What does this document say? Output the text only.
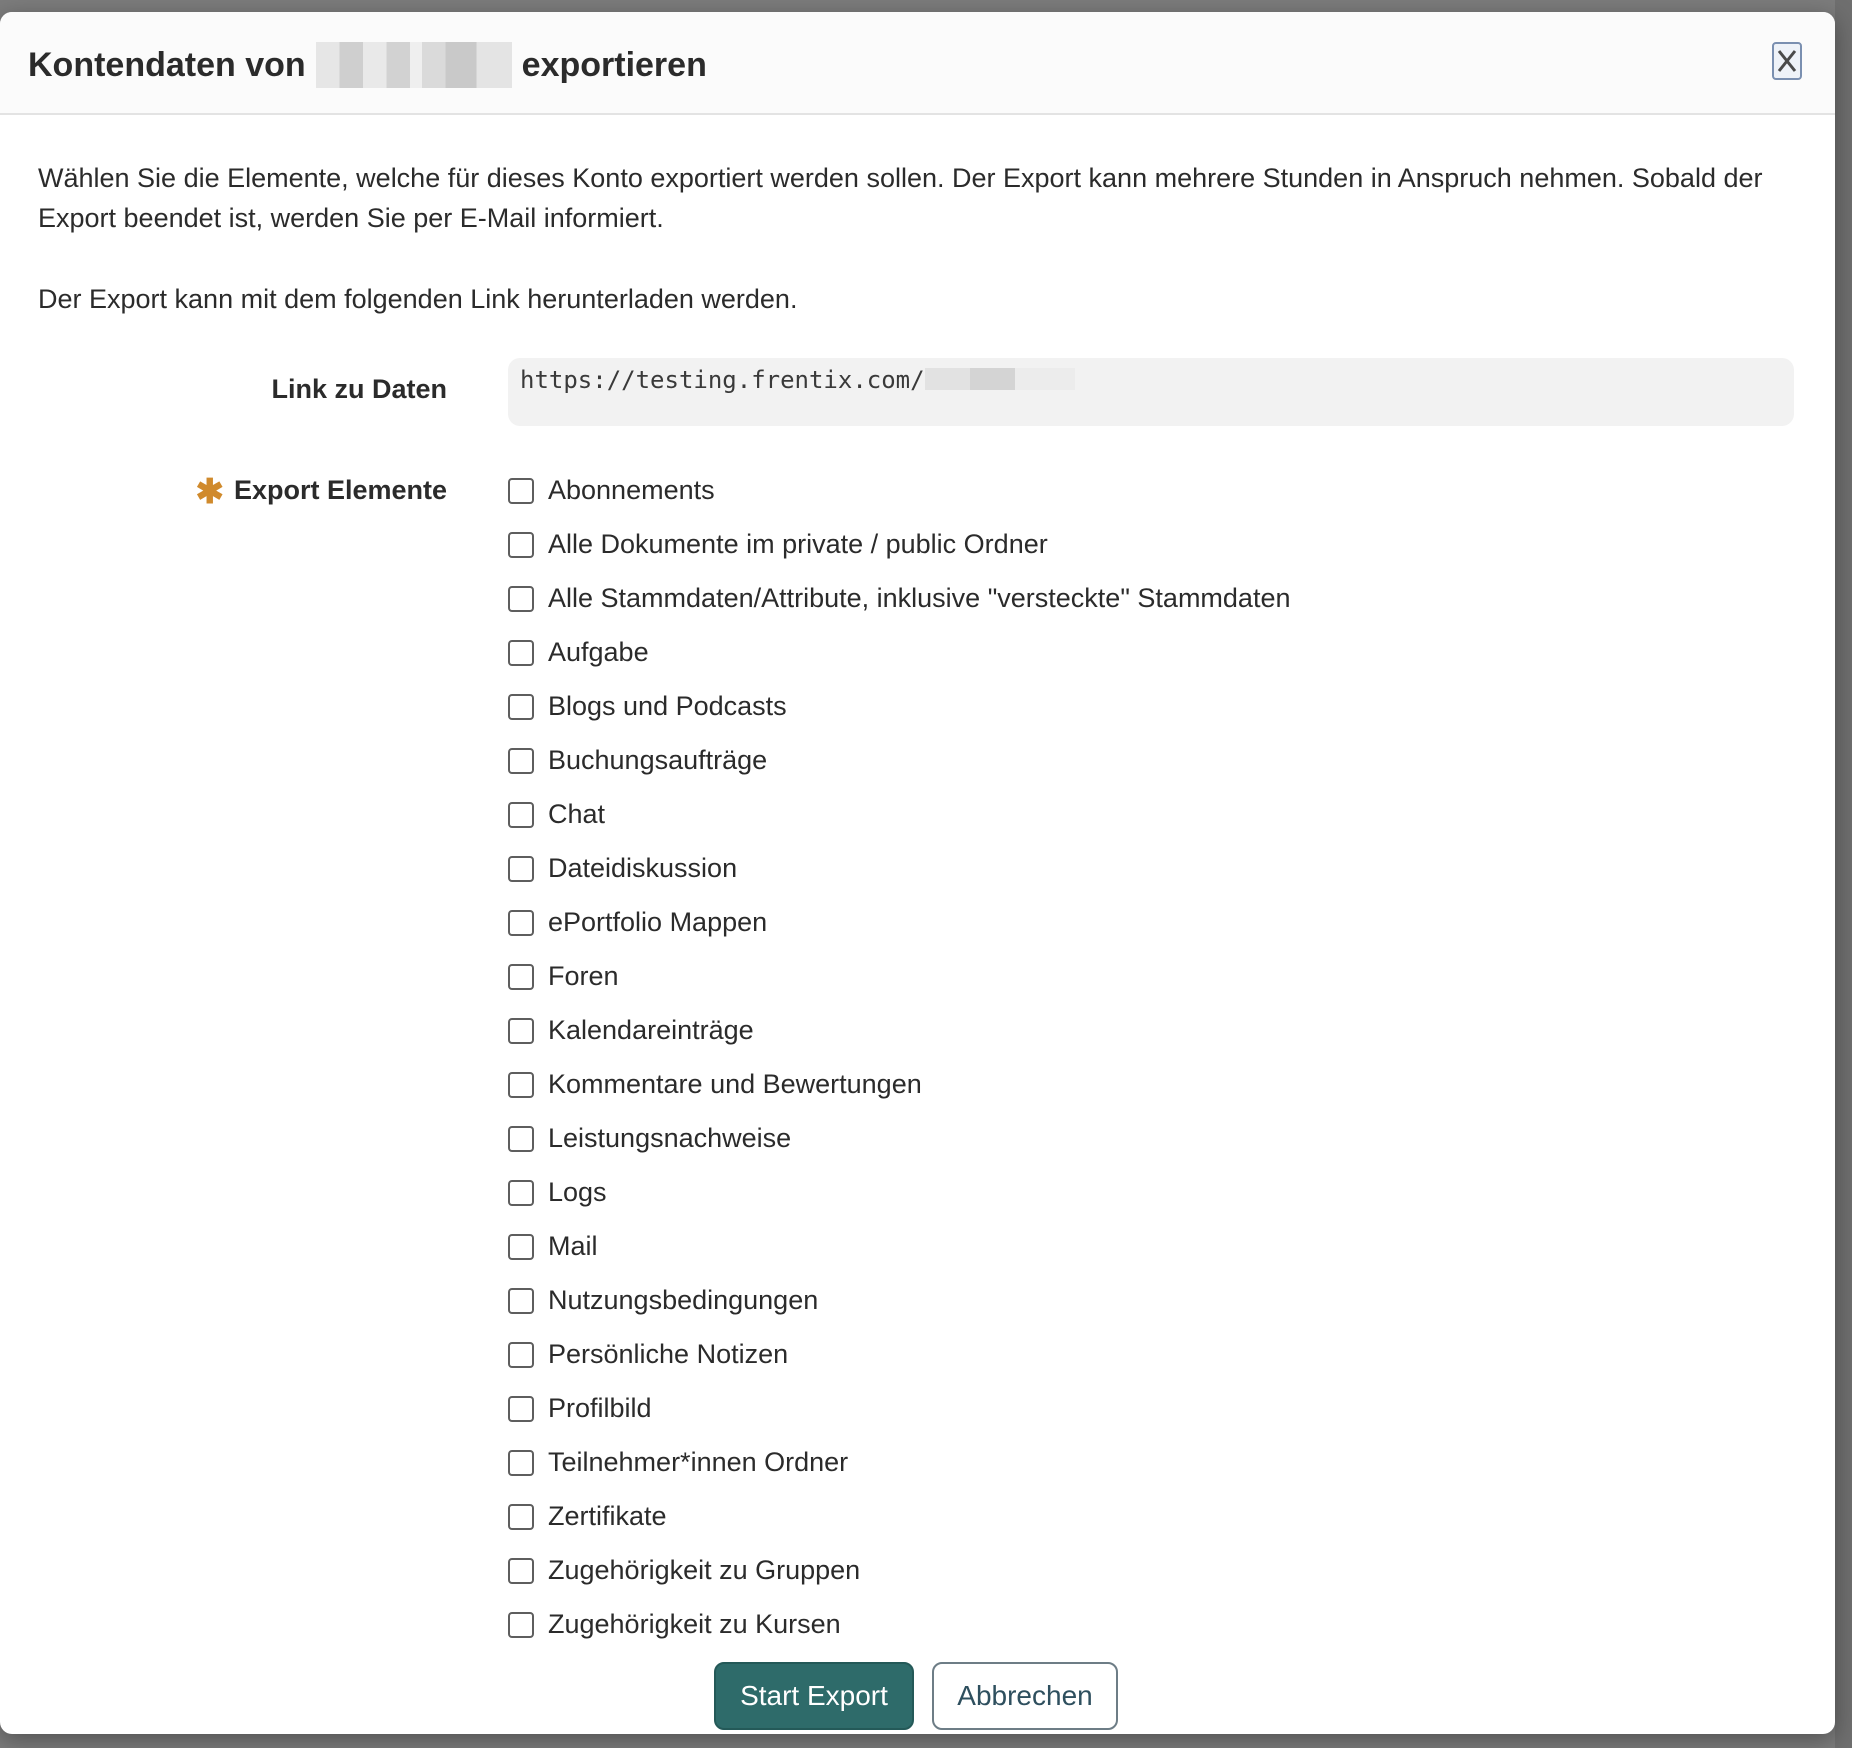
Kontendaten von	exportieren
Wählen Sie die Elemente, welche für dieses Konto exportiert werden sollen. Der Export kann mehrere Stunden in Anspruch nehmen. Sobald der Export beendet ist, werden Sie per E-Mail informiert.
Der Export kann mit dem folgenden Link herunterladen werden.
Link zu Daten	https://testing.frentix.com/
✱ Export Elemente	Abonnements
Alle Dokumente im private / public Ordner
Alle Stammdaten/Attribute, inklusive "versteckte" Stammdaten
Aufgabe
Blogs und Podcasts
Buchungsaufträge
Chat
Dateidiskussion
ePortfolio Mappen
Foren
Kalendareinträge
Kommentare und Bewertungen
Leistungsnachweise
Logs
Mail
Nutzungsbedingungen
Persönliche Notizen
Profilbild
Teilnehmer*innen Ordner
Zertifikate
Zugehörigkeit zu Gruppen
Zugehörigkeit zu Kursen
Start Export	Abbrechen
